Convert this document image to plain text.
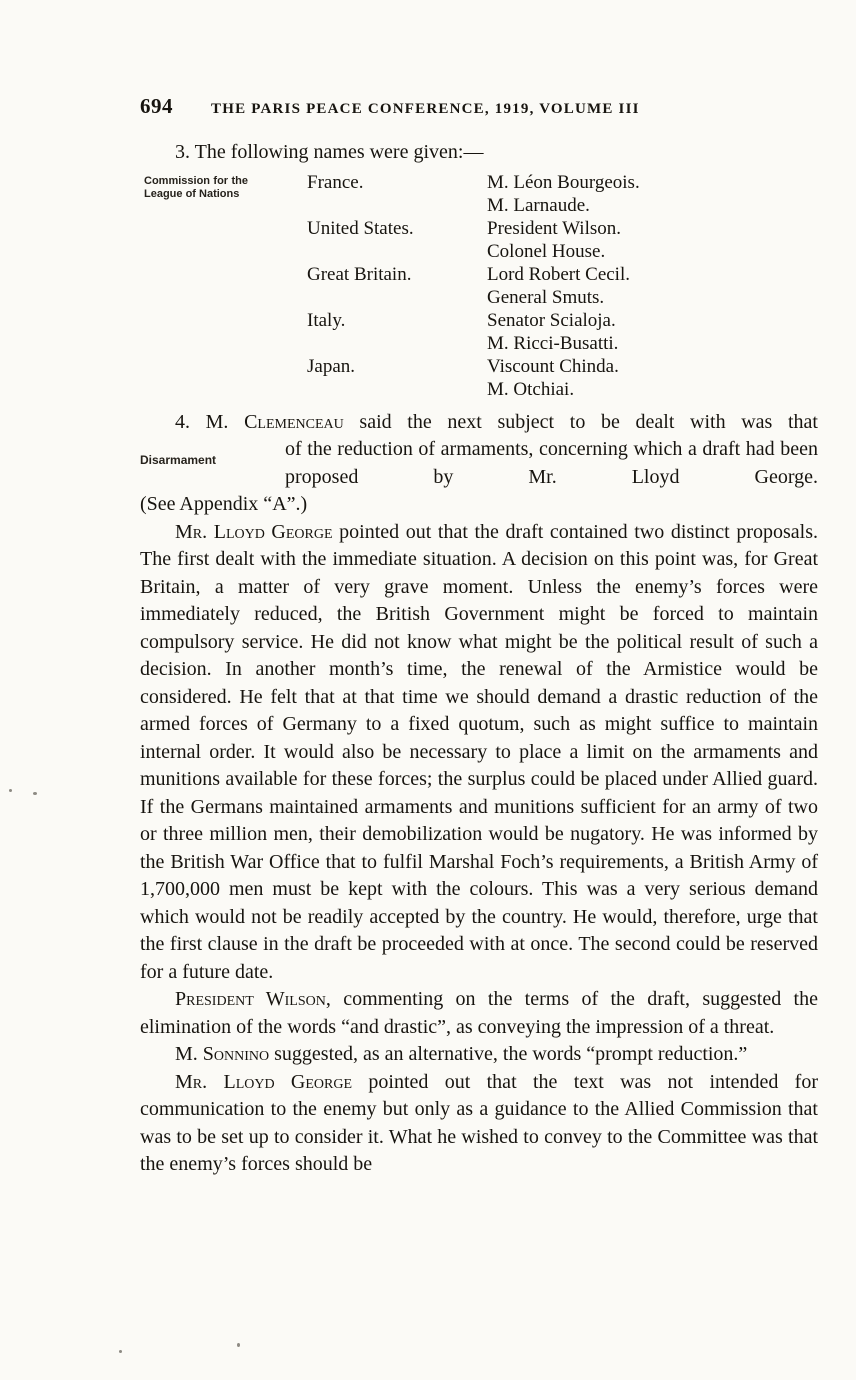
694	THE PARIS PEACE CONFERENCE, 1919, VOLUME III

3. The following names were given:—

Commission for the League of Nations
France.	M. Léon Bourgeois.
M. Larnaude.
United States.	President Wilson.
Colonel House.
Great Britain.	Lord Robert Cecil.
General Smuts.
Italy.	Senator Scialoja.
M. Ricci-Busatti.
Japan.	Viscount Chinda.
M. Otchiai.

4. M. Clemenceau said the next subject to be dealt with was that

Disarmament	of the reduction of armaments, concerning which a draft had been proposed by Mr. Lloyd George.

(See Appendix “A”.)

Mr. Lloyd George pointed out that the draft contained two distinct proposals. The first dealt with the immediate situation. A decision on this point was, for Great Britain, a matter of very grave moment. Unless the enemy’s forces were immediately reduced, the British Government might be forced to maintain compulsory service. He did not know what might be the political result of such a decision. In another month’s time, the renewal of the Armistice would be considered. He felt that at that time we should demand a drastic reduction of the armed forces of Germany to a fixed quotum, such as might suffice to maintain internal order. It would also be necessary to place a limit on the armaments and munitions available for these forces; the surplus could be placed under Allied guard. If the Germans maintained armaments and munitions sufficient for an army of two or three million men, their demobilization would be nugatory. He was informed by the British War Office that to fulfil Marshal Foch’s requirements, a British Army of 1,700,000 men must be kept with the colours. This was a very serious demand which would not be readily accepted by the country. He would, therefore, urge that the first clause in the draft be proceeded with at once. The second could be reserved for a future date.

President Wilson, commenting on the terms of the draft, suggested the elimination of the words “and drastic”, as conveying the impression of a threat.

M. Sonnino suggested, as an alternative, the words “prompt reduction.”

Mr. Lloyd George pointed out that the text was not intended for communication to the enemy but only as a guidance to the Allied Commission that was to be set up to consider it. What he wished to convey to the Committee was that the enemy’s forces should be
